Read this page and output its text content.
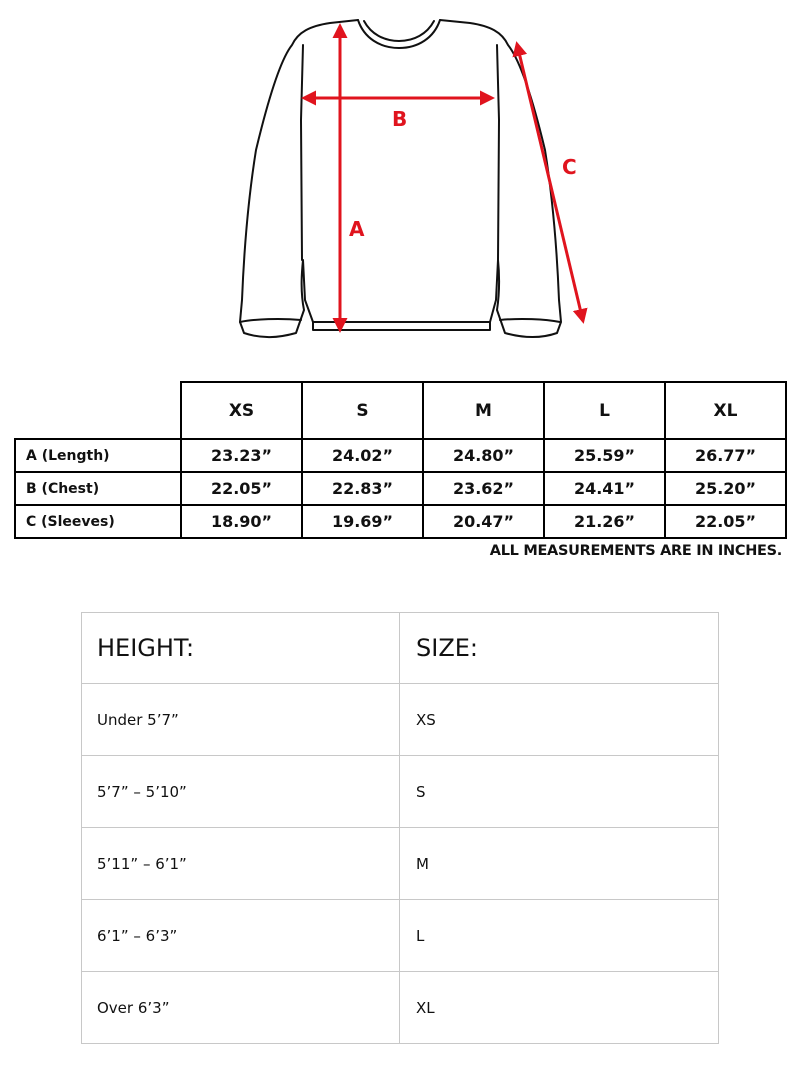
A
B
C
	XS	S	M	L	XL
A (Length)	23.23”	24.02”	24.80”	25.59”	26.77”
B (Chest)	22.05”	22.83”	23.62”	24.41”	25.20”
C (Sleeves)	18.90”	19.69”	20.47”	21.26”	22.05”
ALL MEASUREMENTS ARE IN INCHES.
HEIGHT:	SIZE:
Under 5’7”	XS
5’7” – 5’10”	S
5’11” – 6’1”	M
6’1” – 6’3”	L
Over 6’3”	XL
